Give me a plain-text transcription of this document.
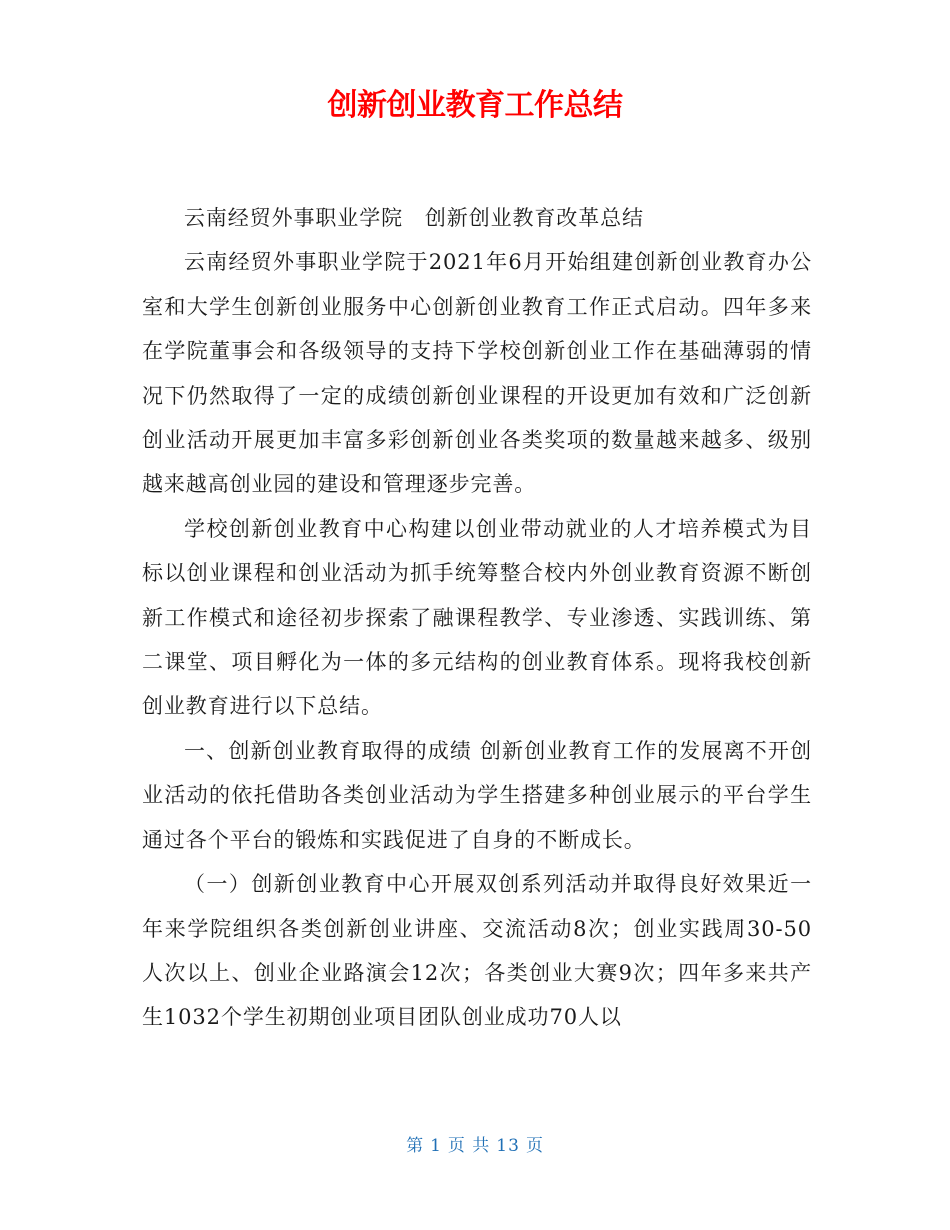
创新创业教育工作总结

云南经贸外事职业学院　创新创业教育改革总结

云南经贸外事职业学院于2021年6月开始组建创新创业教育办公室和大学生创新创业服务中心创新创业教育工作正式启动。四年多来在学院董事会和各级领导的支持下学校创新创业工作在基础薄弱的情况下仍然取得了一定的成绩创新创业课程的开设更加有效和广泛创新创业活动开展更加丰富多彩创新创业各类奖项的数量越来越多、级别越来越高创业园的建设和管理逐步完善。

学校创新创业教育中心构建以创业带动就业的人才培养模式为目标以创业课程和创业活动为抓手统筹整合校内外创业教育资源不断创新工作模式和途径初步探索了融课程教学、专业渗透、实践训练、第二课堂、项目孵化为一体的多元结构的创业教育体系。现将我校创新创业教育进行以下总结。

一、创新创业教育取得的成绩 创新创业教育工作的发展离不开创业活动的依托借助各类创业活动为学生搭建多种创业展示的平台学生通过各个平台的锻炼和实践促进了自身的不断成长。

（一）创新创业教育中心开展双创系列活动并取得良好效果近一年来学院组织各类创新创业讲座、交流活动8次；创业实践周30-50人次以上、创业企业路演会12次；各类创业大赛9次；四年多来共产生1032个学生初期创业项目团队创业成功70人以

第 1 页 共 13 页
